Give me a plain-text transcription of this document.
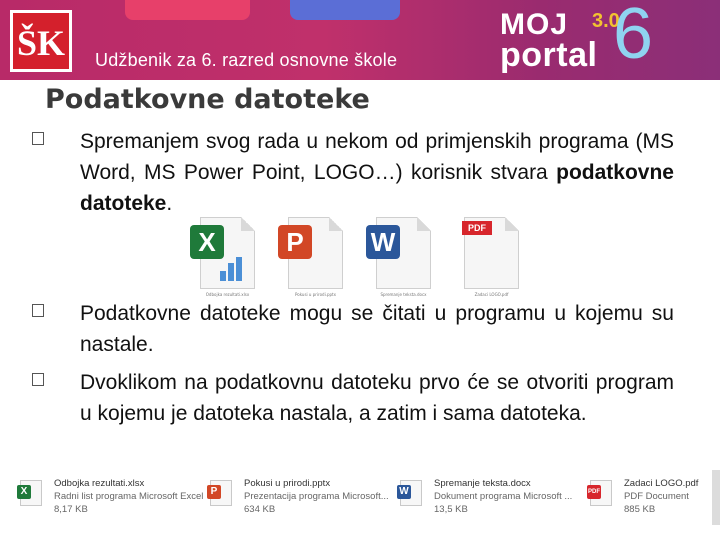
ŠK Udžbenik za 6. razred osnovne škole
MOJ 3.0
portal 6
Podatkovne datoteke
Spremanjem svog rada u nekom od primjenskih programa (MS Word, MS Power Point, LOGO…) korisnik stvara podatkovne datoteke.
X
Odbojka rezultati.xlsx
P
Pokusi u prirodi.pptx
W
Spremanje teksta.docx
PDF
Zadaci LOGO.pdf
Podatkovne datoteke mogu se čitati u programu u kojemu su nastale.
Dvoklikom na podatkovnu datoteku prvo će se otvoriti program u kojemu je datoteka nastala, a zatim i sama datoteka.
X
Odbojka rezultati.xlsx
Radni list programa Microsoft Excel
8,17 KB
P
Pokusi u prirodi.pptx
Prezentacija programa Microsoft...
634 KB
W
Spremanje teksta.docx
Dokument programa Microsoft ...
13,5 KB
PDF
Zadaci LOGO.pdf
PDF Document
885 KB
